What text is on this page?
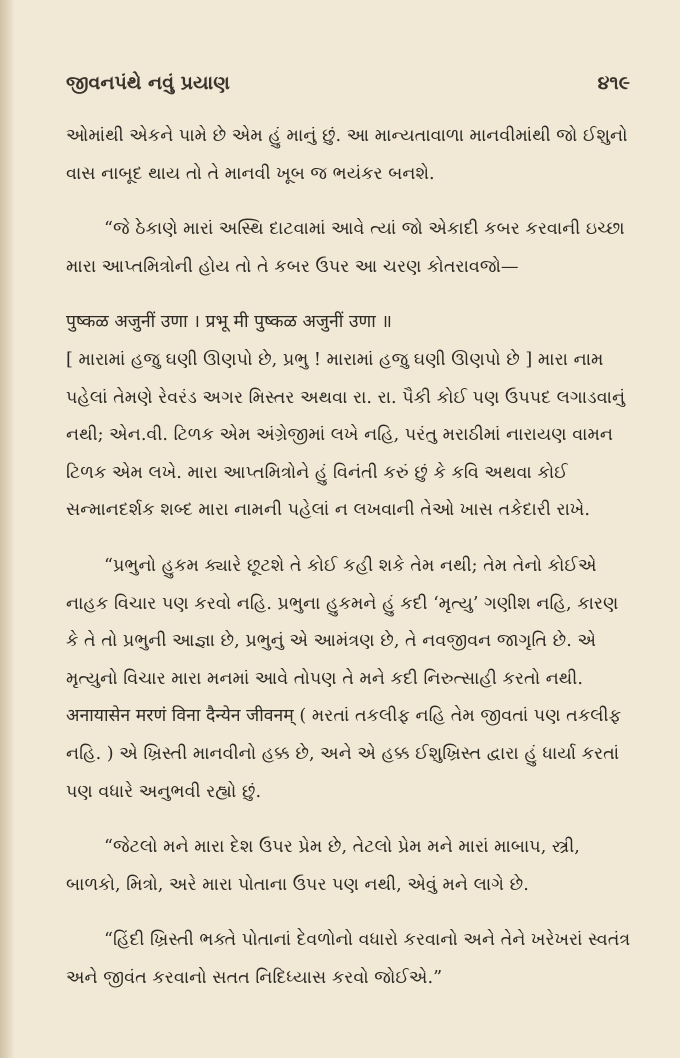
જીવનપંથે નવું પ્રયાણ	૪૧૯

ઓમાંથી એકને પામે છે એમ હું માનું છું. આ માન્યતાવાળા માનવીમાંથી જો ઈશુનો વાસ નાબૂદ થાય તો તે માનવી ખૂબ જ ભયંકર બનશે.

“જે ઠેકાણે મારાં અસ્થિ દાટવામાં આવે ત્યાં જો એકાદી કબર કરવાની ઇચ્છા મારા આપ્તમિત્રોની હોય તો તે કબર ઉપર આ ચરણ કોતરાવજો—

पुष्कळ अजुनीं उणा । प्रभू मी पुष्कळ अजुनीं उणा ॥

[ મારામાં હજુ ઘણી ઊણપો છે, પ્રભુ ! મારામાં હજુ ઘણી ઊણપો છે ] મારા નામ પહેલાં તેમણે રેવરંડ અગર મિસ્તર અથવા રા. રા. પૈકી કોઈ પણ ઉપપદ લગાડવાનું નથી; એન.વી. ટિળક એમ અંગ્રેજીમાં લખે નહિ, પરંતુ મરાઠીમાં નારાયણ વામન ટિળક એમ લખે. મારા આપ્તમિત્રોને હું વિનંતી કરું છું કે કવિ અથવા કોઈ સન્માનદર્શક શબ્દ મારા નામની પહેલાં ન લખવાની તેઓ ખાસ તકેદારી રાખે.

“પ્રભુનો હુકમ ક્યારે છૂટશે તે કોઈ કહી શકે તેમ નથી; તેમ તેનો કોઈએ નાહક વિચાર પણ કરવો નહિ. પ્રભુના હુકમને હું કદી ‘મૃત્યુ’ ગણીશ નહિ, કારણ કે તે તો પ્રભુની આજ્ઞા છે, પ્રભુનું એ આમંત્રણ છે, તે નવજીવન જાગૃતિ છે. એ મૃત્યુનો વિચાર મારા મનમાં આવે તોપણ તે મને કદી નિરુત્સાહી કરતો નથી. अनायासेन मरणं विना दैन्येन जीवनम् ( મરતાં તકલીફ નહિ તેમ જીવતાં પણ તકલીફ નહિ. ) એ ખ્રિસ્તી માનવીનો હક્ક છે, અને એ હક્ક ઈશુખ્રિસ્ત દ્વારા હું ધાર્યા કરતાં પણ વધારે અનુભવી રહ્યો છું.

“જેટલો મને મારા દેશ ઉપર પ્રેમ છે, તેટલો પ્રેમ મને મારાં માબાપ, સ્ત્રી, બાળકો, મિત્રો, અરે મારા પોતાના ઉપર પણ નથી, એવું મને લાગે છે.

“હિંદી ખ્રિસ્તી ભક્તે પોતાનાં દેવળોનો વધારો કરવાનો અને તેને ખરેખરાં સ્વતંત્ર અને જીવંત કરવાનો સતત નિદિધ્યાસ કરવો જોઈએ.”
